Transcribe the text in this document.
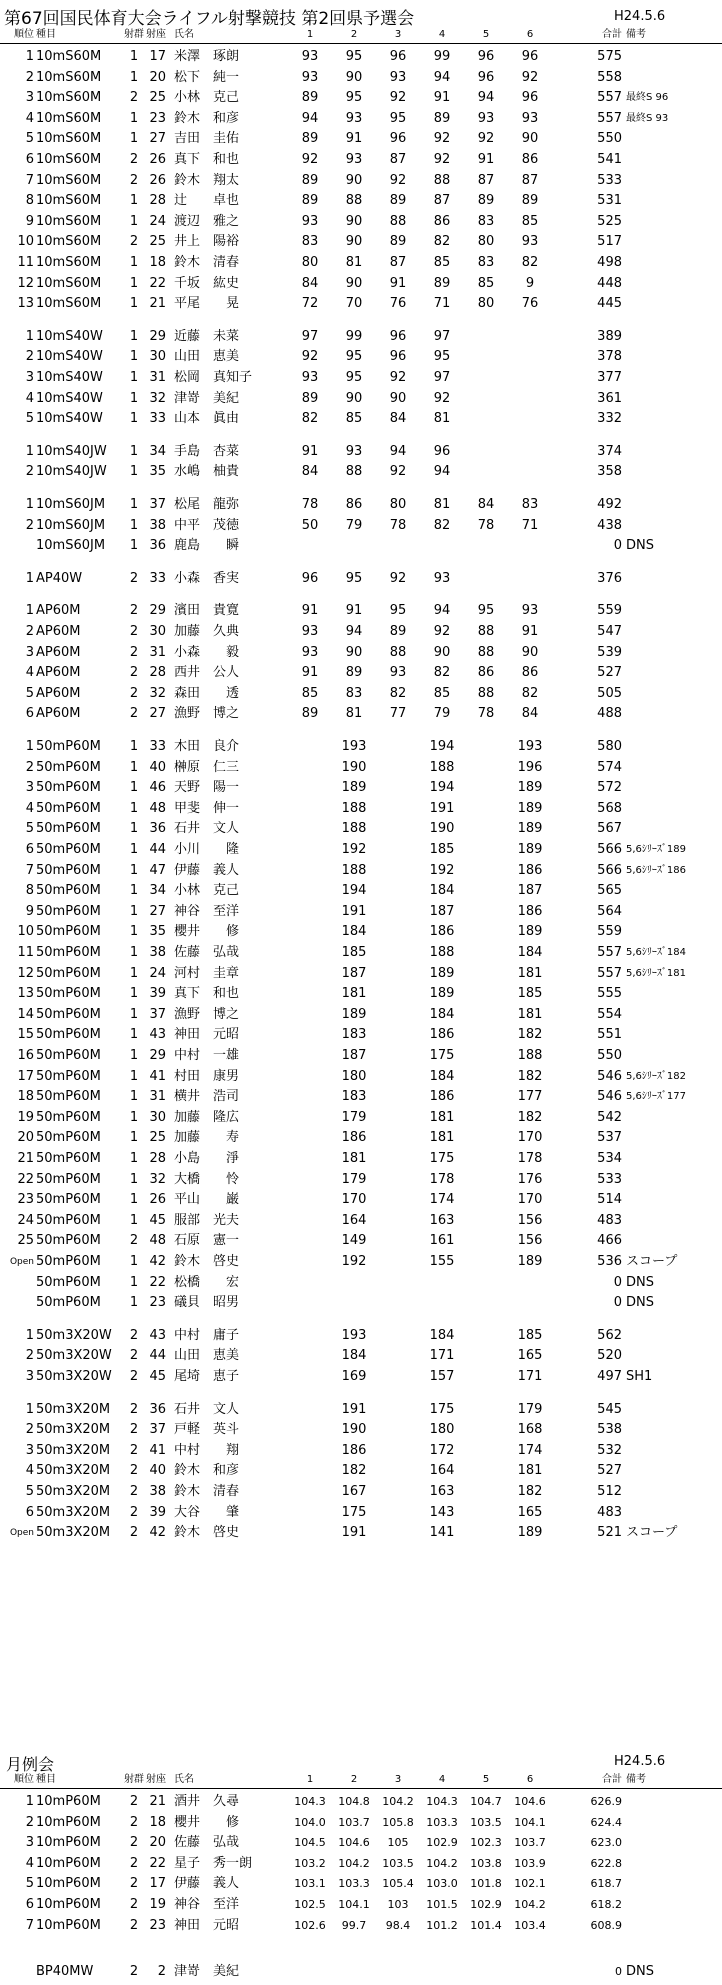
第67回国民体育大会ライフル射撃競技 第2回県予選会	H24.5.6
順位 種目	射群 射座 氏名	1	2	3	4	5	6	合計 備考
1 10mS60M	1 17 米澤　琢朗	93	95	96	99	96	96	575
2 10mS60M	1 20 松下　純一	93	90	93	94	96	92	558
3 10mS60M	2 25 小林　克己	89	95	92	91	94	96	557 最終S 96
4 10mS60M	1 23 鈴木　和彦	94	93	95	89	93	93	557 最終S 93
5 10mS60M	1 27 吉田　圭佑	89	91	96	92	92	90	550
6 10mS60M	2 26 真下　和也	92	93	87	92	91	86	541
7 10mS60M	2 26 鈴木　翔太	89	90	92	88	87	87	533
8 10mS60M	1 28 辻　　卓也	89	88	89	87	89	89	531
9 10mS60M	1 24 渡辺　雅之	93	90	88	86	83	85	525
10 10mS60M	2 25 井上　陽裕	83	90	89	82	80	93	517
11 10mS60M	1 18 鈴木　清春	80	81	87	85	83	82	498
12 10mS60M	1 22 千坂　紘史	84	90	91	89	85	9	448
13 10mS60M	1 21 平尾　　晃	72	70	76	71	80	76	445
1 10mS40W	1 29 近藤　未菜	97	99	96	97	389
2 10mS40W	1 30 山田　恵美	92	95	96	95	378
3 10mS40W	1 31 松岡　真知子	93	95	92	97	377
4 10mS40W	1 32 津嵜　美紀	89	90	90	92	361
5 10mS40W	1 33 山本　眞由	82	85	84	81	332
1 10mS40JW	1 34 手島　杏菜	91	93	94	96	374
2 10mS40JW	1 35 水嶋　柚貴	84	88	92	94	358
1 10mS60JM	1 37 松尾　龍弥	78	86	80	81	84	83	492
2 10mS60JM	1 38 中平　茂徳	50	79	78	82	78	71	438
10mS60JM	1 36 鹿島　　瞬	0 DNS
1 AP40W	2 33 小森　香実	96	95	92	93	376
1 AP60M	2 29 濱田　貴寛	91	91	95	94	95	93	559
2 AP60M	2 30 加藤　久典	93	94	89	92	88	91	547
3 AP60M	2 31 小森　　毅	93	90	88	90	88	90	539
4 AP60M	2 28 西井　公人	91	89	93	82	86	86	527
5 AP60M	2 32 森田　　透	85	83	82	85	88	82	505
6 AP60M	2 27 漁野　博之	89	81	77	79	78	84	488
1 50mP60M	1 33 木田　良介	193	194	193	580
2 50mP60M	1 40 榊原　仁三	190	188	196	574
3 50mP60M	1 46 天野　陽一	189	194	189	572
4 50mP60M	1 48 甲斐　伸一	188	191	189	568
5 50mP60M	1 36 石井　文人	188	190	189	567
6 50mP60M	1 44 小川　　隆	192	185	189	566 5,6ｼﾘｰｽﾞ189
7 50mP60M	1 47 伊藤　義人	188	192	186	566 5,6ｼﾘｰｽﾞ186
8 50mP60M	1 34 小林　克己	194	184	187	565
9 50mP60M	1 27 神谷　至洋	191	187	186	564
10 50mP60M	1 35 櫻井　　修	184	186	189	559
11 50mP60M	1 38 佐藤　弘哉	185	188	184	557 5,6ｼﾘｰｽﾞ184
12 50mP60M	1 24 河村　圭章	187	189	181	557 5,6ｼﾘｰｽﾞ181
13 50mP60M	1 39 真下　和也	181	189	185	555
14 50mP60M	1 37 漁野　博之	189	184	181	554
15 50mP60M	1 43 神田　元昭	183	186	182	551
16 50mP60M	1 29 中村　一雄	187	175	188	550
17 50mP60M	1 41 村田　康男	180	184	182	546 5,6ｼﾘｰｽﾞ182
18 50mP60M	1 31 横井　浩司	183	186	177	546 5,6ｼﾘｰｽﾞ177
19 50mP60M	1 30 加藤　隆広	179	181	182	542
20 50mP60M	1 25 加藤　　寿	186	181	170	537
21 50mP60M	1 28 小島　　淨	181	175	178	534
22 50mP60M	1 32 大橋　　怜	179	178	176	533
23 50mP60M	1 26 平山　　巌	170	174	170	514
24 50mP60M	1 45 服部　光夫	164	163	156	483
25 50mP60M	2 48 石原　憲一	149	161	156	466
Open 50mP60M	1 42 鈴木　啓史	192	155	189	536 スコープ
50mP60M	1 22 松橋　　宏	0 DNS
50mP60M	1 23 礒貝　昭男	0 DNS
1 50m3X20W	2 43 中村　庸子	193	184	185	562
2 50m3X20W	2 44 山田　恵美	184	171	165	520
3 50m3X20W	2 45 尾埼　恵子	169	157	171	497 SH1
1 50m3X20M	2 36 石井　文人	191	175	179	545
2 50m3X20M	2 37 戸軽　英斗	190	180	168	538
3 50m3X20M	2 41 中村　　翔	186	172	174	532
4 50m3X20M	2 40 鈴木　和彦	182	164	181	527
5 50m3X20M	2 38 鈴木　清春	167	163	182	512
6 50m3X20M	2 39 大谷　　肇	175	143	165	483
Open 50m3X20M	2 42 鈴木　啓史	191	141	189	521 スコープ
月例会	H24.5.6
順位 種目	射群 射座 氏名	1	2	3	4	5	6	合計 備考
1 10mP60M	2 21 酒井　久尋	104.3	104.8	104.2	104.3	104.7	104.6	626.9
2 10mP60M	2 18 櫻井　　修	104.0	103.7	105.8	103.3	103.5	104.1	624.4
3 10mP60M	2 20 佐藤　弘哉	104.5	104.6	105	102.9	102.3	103.7	623.0
4 10mP60M	2 22 星子　秀一朗	103.2	104.2	103.5	104.2	103.8	103.9	622.8
5 10mP60M	2 17 伊藤　義人	103.1	103.3	105.4	103.0	101.8	102.1	618.7
6 10mP60M	2 19 神谷　至洋	102.5	104.1	103	101.5	102.9	104.2	618.2
7 10mP60M	2 23 神田　元昭	102.6	99.7	98.4	101.2	101.4	103.4	608.9
BP40MW	2	2 津嵜　美紀	0 DNS
